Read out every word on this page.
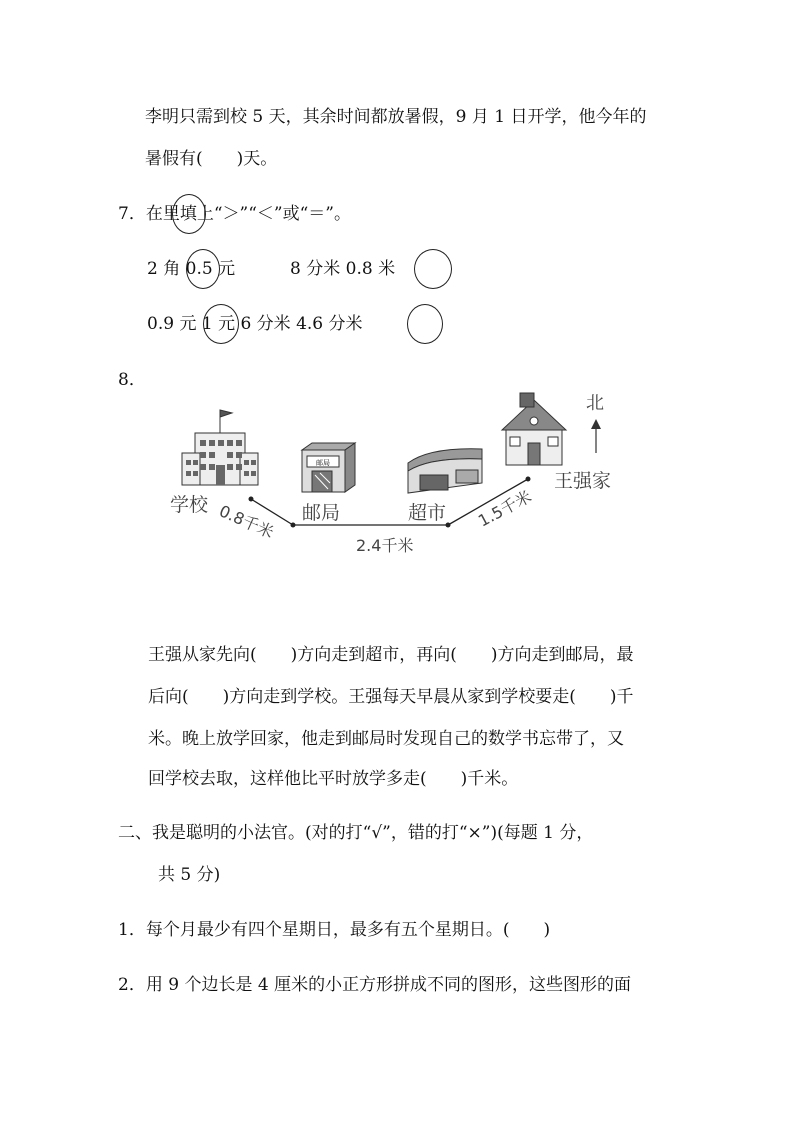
李明只需到校 5 天，其余时间都放暑假，9 月 1 日开学，他今年的
暑假有(　　)天。
7．在里填上“＞”“＜”或“＝”。
2 角 0.5 元	8 分米 0.8 米
0.9 元 1 元 6 分米 4.6 分米
8．
邮局
北
学校	邮局	超市
王强家
0.8千米
2.4千米
1.5千米
王强从家先向(　　)方向走到超市，再向(　　)方向走到邮局，最
后向(　　)方向走到学校。王强每天早晨从家到学校要走(　　)千
米。晚上放学回家，他走到邮局时发现自己的数学书忘带了，又
回学校去取，这样他比平时放学多走(　　)千米。
二、我是聪明的小法官。(对的打“√”，错的打“×”)(每题 1 分，
共 5 分)
1．每个月最少有四个星期日，最多有五个星期日。(　　)
2．用 9 个边长是 4 厘米的小正方形拼成不同的图形，这些图形的面
